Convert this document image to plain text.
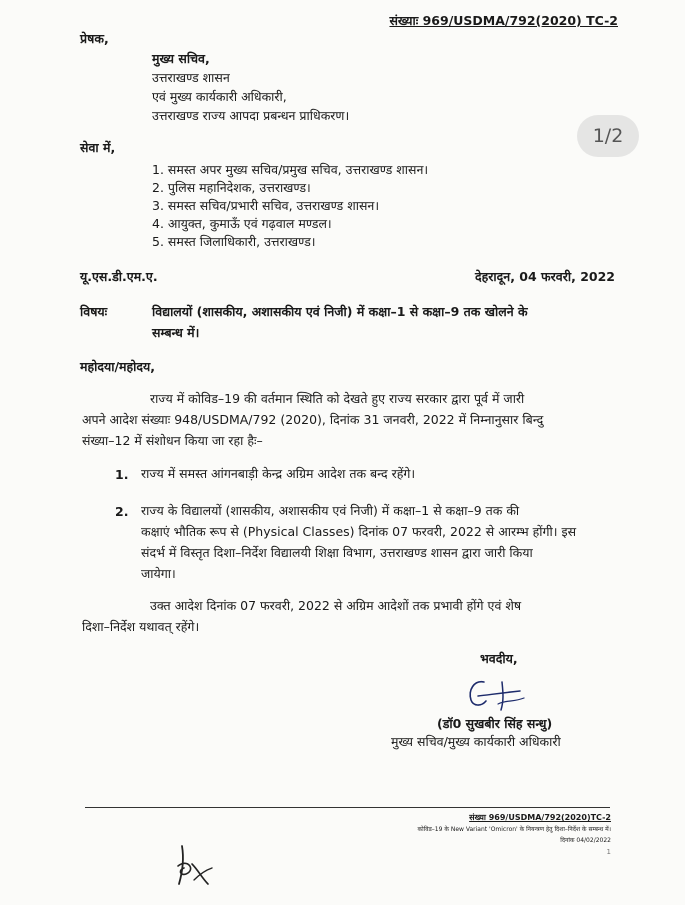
संख्याः 969/USDMA/792(2020) TC-2
प्रेषक,
मुख्य सचिव,
उत्तराखण्ड शासन
एवं मुख्य कार्यकारी अधिकारी,
उत्तराखण्ड राज्य आपदा प्रबन्धन प्राधिकरण।
1/2
सेवा में,
1. समस्त अपर मुख्य सचिव/प्रमुख सचिव, उत्तराखण्ड शासन।
2. पुलिस महानिदेशक, उत्तराखण्ड।
3. समस्त सचिव/प्रभारी सचिव, उत्तराखण्ड शासन।
4. आयुक्त, कुमाऊँ एवं गढ़वाल मण्डल।
5. समस्त जिलाधिकारी, उत्तराखण्ड।
यू.एस.डी.एम.ए.	देहरादून, 04 फरवरी, 2022
विषयः	विद्यालयों (शासकीय, अशासकीय एवं निजी) में कक्षा–1 से कक्षा–9 तक खोलने के
सम्बन्ध में।
महोदया/महोदय,
राज्य में कोविड–19 की वर्तमान स्थिति को देखते हुए राज्य सरकार द्वारा पूर्व में जारी
अपने आदेश संख्याः 948/USDMA/792 (2020), दिनांक 31 जनवरी, 2022 में निम्नानुसार बिन्दु
संख्या–12 में संशोधन किया जा रहा हैः–
1. राज्य में समस्त आंगनबाड़ी केन्द्र अग्रिम आदेश तक बन्द रहेंगे।
2. राज्य के विद्यालयों (शासकीय, अशासकीय एवं निजी) में कक्षा–1 से कक्षा–9 तक की
कक्षाएं भौतिक रूप से (Physical Classes) दिनांक 07 फरवरी, 2022 से आरम्भ होंगी। इस
संदर्भ में विस्तृत दिशा–निर्देश विद्यालयी शिक्षा विभाग, उत्तराखण्ड शासन द्वारा जारी किया
जायेगा।
उक्त आदेश दिनांक 07 फरवरी, 2022 से अग्रिम आदेशों तक प्रभावी होंगे एवं शेष
दिशा–निर्देश यथावत् रहेंगे।
भवदीय,
(डॉ0 सुखबीर सिंह सन्धु)
मुख्य सचिव/मुख्य कार्यकारी अधिकारी
संख्या 969/USDMA/792(2020)TC-2
कोविड–19 के New Variant 'Omicron' के नियन्त्रण हेतु दिशा–निर्देश के सम्बन्ध में।
दिनांक 04/02/2022
1
